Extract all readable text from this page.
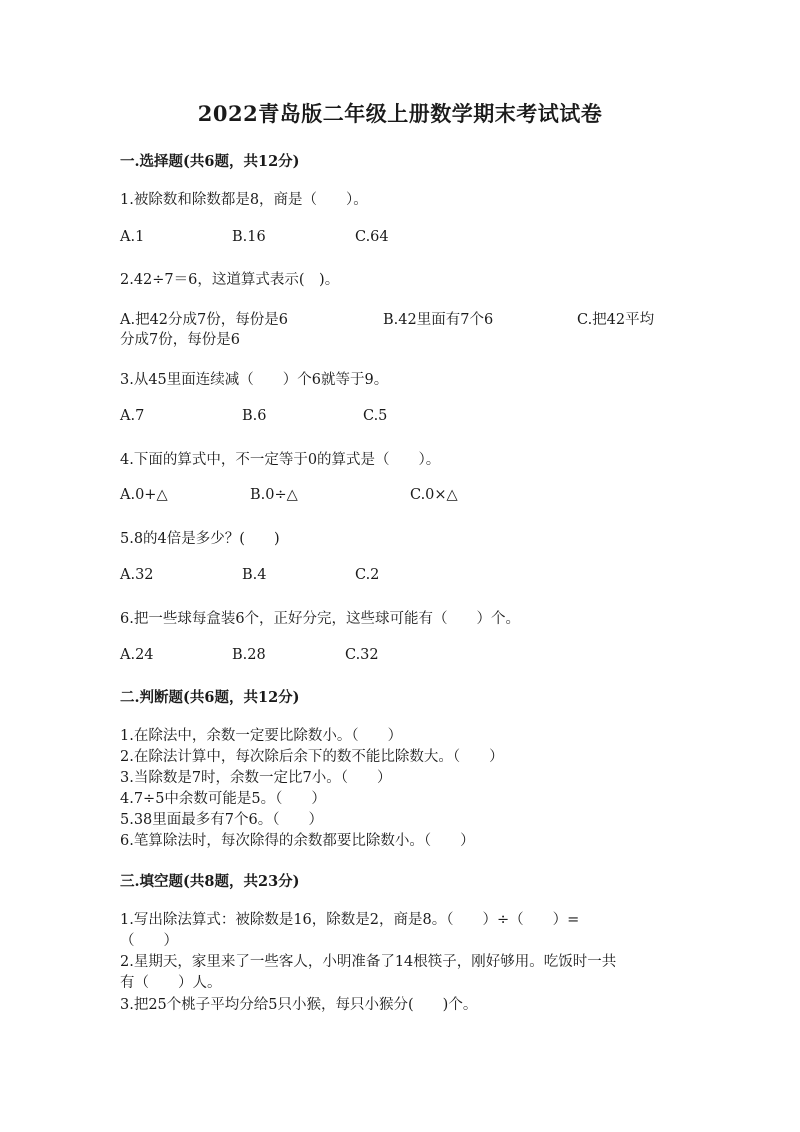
2022青岛版二年级上册数学期末考试试卷
一.选择题(共6题，共12分)
1.被除数和除数都是8，商是（　　）。
A.1	B.16	C.64
2.42÷7＝6，这道算式表示(　)。
A.把42分成7份，每份是6	B.42里面有7个6	C.把42平均
分成7份，每份是6
3.从45里面连续减（　　）个6就等于9。
A.7	B.6	C.5
4.下面的算式中，不一定等于0的算式是（　　）。
A.0+△	B.0÷△	C.0×△
5.8的4倍是多少？(　　)
A.32	B.4	C.2
6.把一些球每盒装6个，正好分完，这些球可能有（　　）个。
A.24	B.28	C.32
二.判断题(共6题，共12分)
1.在除法中，余数一定要比除数小。（　　）
2.在除法计算中，每次除后余下的数不能比除数大。（　　）
3.当除数是7时，余数一定比7小。（　　）
4.7÷5中余数可能是5。（　　）
5.38里面最多有7个6。（　　）
6.笔算除法时，每次除得的余数都要比除数小。（　　）
三.填空题(共8题，共23分)
1.写出除法算式：被除数是16，除数是2，商是8。（　　）÷（　　）=
（　　）
2.星期天，家里来了一些客人，小明准备了14根筷子，刚好够用。吃饭时一共
有（　　）人。
3.把25个桃子平均分给5只小猴，每只小猴分(　　)个。
